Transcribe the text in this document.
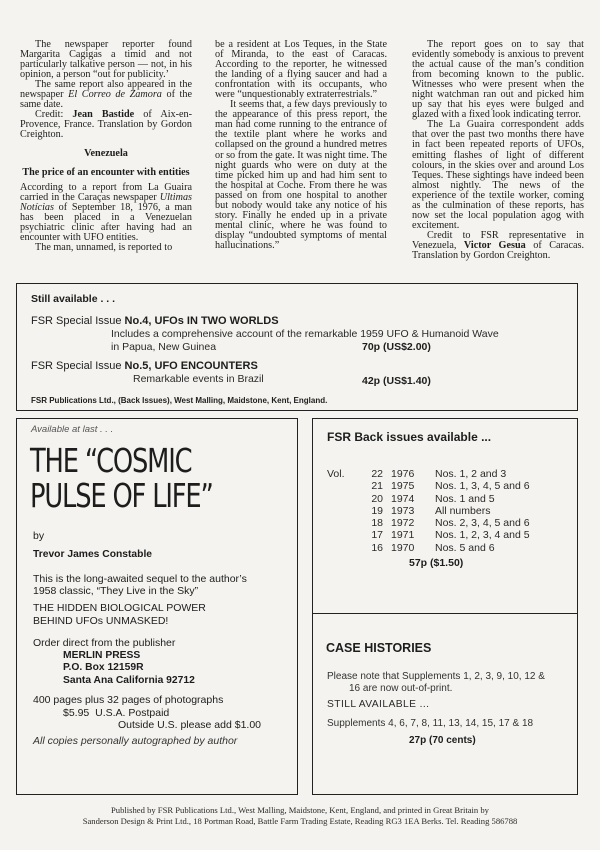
The newspaper reporter found Margarita Cagigas a timid and not particularly talkative person — not, in his opinion, a person “out for publicity.’

The same report also appeared in the newspaper El Correo de Zamora of the same date.

Credit: Jean Bastide of Aix-en-Provence, France. Translation by Gordon Creighton.

Venezuela
The price of an encounter with entities

According to a report from La Guaira carried in the Caraças newspaper Ultimas Notícias of September 18, 1976, a man has been placed in a Venezuelan psychiatric clinic after having had an encounter with UFO entities.

The man, unnamed, is reported to

be a resident at Los Teques, in the State of Miranda, to the east of Caracas. According to the reporter, he witnessed the landing of a flying saucer and had a confrontation with its occupants, who were “unquestionably extraterrestrials.”

It seems that, a few days previously to the appearance of this press report, the man had come running to the entrance of the textile plant where he works and collapsed on the ground a hundred metres or so from the gate. It was night time. The night guards who were on duty at the time picked him up and had him sent to the hospital at Coche. From there he was passed on from one hospital to another but nobody would take any notice of his story. Finally he ended up in a private mental clinic, where he was found to display “undoubted symptoms of mental hallucinations.”

The report goes on to say that evidently somebody is anxious to prevent the actual cause of the man’s condition from becoming known to the public. Witnesses who were present when the night watchman ran out and picked him up say that his eyes were bulged and glazed with a fixed look indicating terror.

The La Guaira correspondent adds that over the past two months there have in fact been repeated reports of UFOs, emitting flashes of light of different colours, in the skies over and around Los Teques. These sightings have indeed been almost nightly. The news of the experience of the textile worker, coming as the culmination of these reports, has now set the local population agog with excitement.

Credit to FSR representative in Venezuela, Victor Gesua of Caracas. Translation by Gordon Creighton.

Still available . . .
FSR Special Issue No.4, UFOs IN TWO WORLDS
Includes a comprehensive account of the remarkable 1959 UFO & Humanoid Wave
in Papua, New Guinea	70p (US$2.00)
FSR Special Issue No.5, UFO ENCOUNTERS
Remarkable events in Brazil	42p (US$1.40)
FSR Publications Ltd., (Back Issues), West Malling, Maidstone, Kent, England.
Available at last . . .
THE “COSMIC
PULSE OF LIFE”
by
Trevor James Constable
This is the long-awaited sequel to the author’s
1958 classic, “They Live in the Sky”
THE HIDDEN BIOLOGICAL POWER
BEHIND UFOs UNMASKED!
Order direct from the publisher
MERLIN PRESS
P.O. Box 12159R
Santa Ana California 92712
400 pages plus 32 pages of photographs
$5.95 U.S.A. Postpaid
Outside U.S. please add $1.00
All copies personally autographed by author
FSR Back issues available ...
Vol.	22	1976	Nos. 1, 2 and 3
	21	1975	Nos. 1, 3, 4, 5 and 6
	20	1974	Nos. 1 and 5
	19	1973	All numbers
	18	1972	Nos. 2, 3, 4, 5 and 6
	17	1971	Nos. 1, 2, 3, 4 and 5
	16	1970	Nos. 5 and 6
57p ($1.50)
CASE HISTORIES
Please note that Supplements 1, 2, 3, 9, 10, 12 &
16 are now out-of-print.
STILL AVAILABLE ...
Supplements 4, 6, 7, 8, 11, 13, 14, 15, 17 & 18
27p (70 cents)
Published by FSR Publications Ltd., West Malling, Maidstone, Kent, England, and printed in Great Britain by
Sanderson Design & Print Ltd., 18 Portman Road, Battle Farm Trading Estate, Reading RG3 1EA Berks. Tel. Reading 586788
